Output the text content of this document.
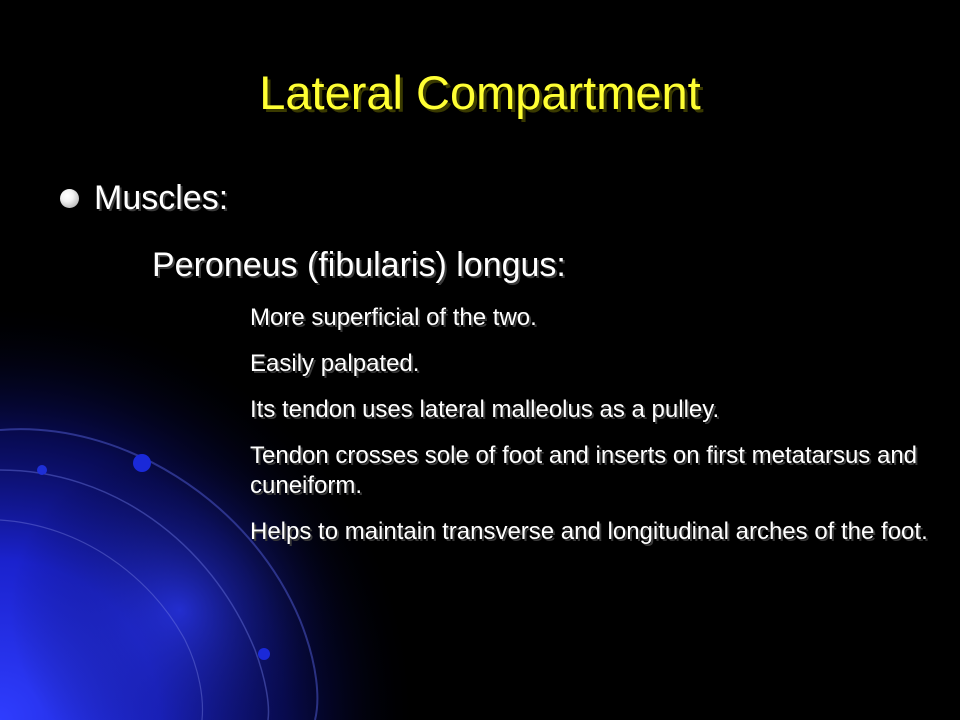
Lateral Compartment
Muscles:
Peroneus (fibularis) longus:
More superficial of the two.
Easily palpated.
Its tendon uses lateral malleolus as a pulley.
Tendon crosses sole of foot and inserts on first metatarsus and cuneiform.
Helps to maintain transverse and longitudinal arches of the foot.
